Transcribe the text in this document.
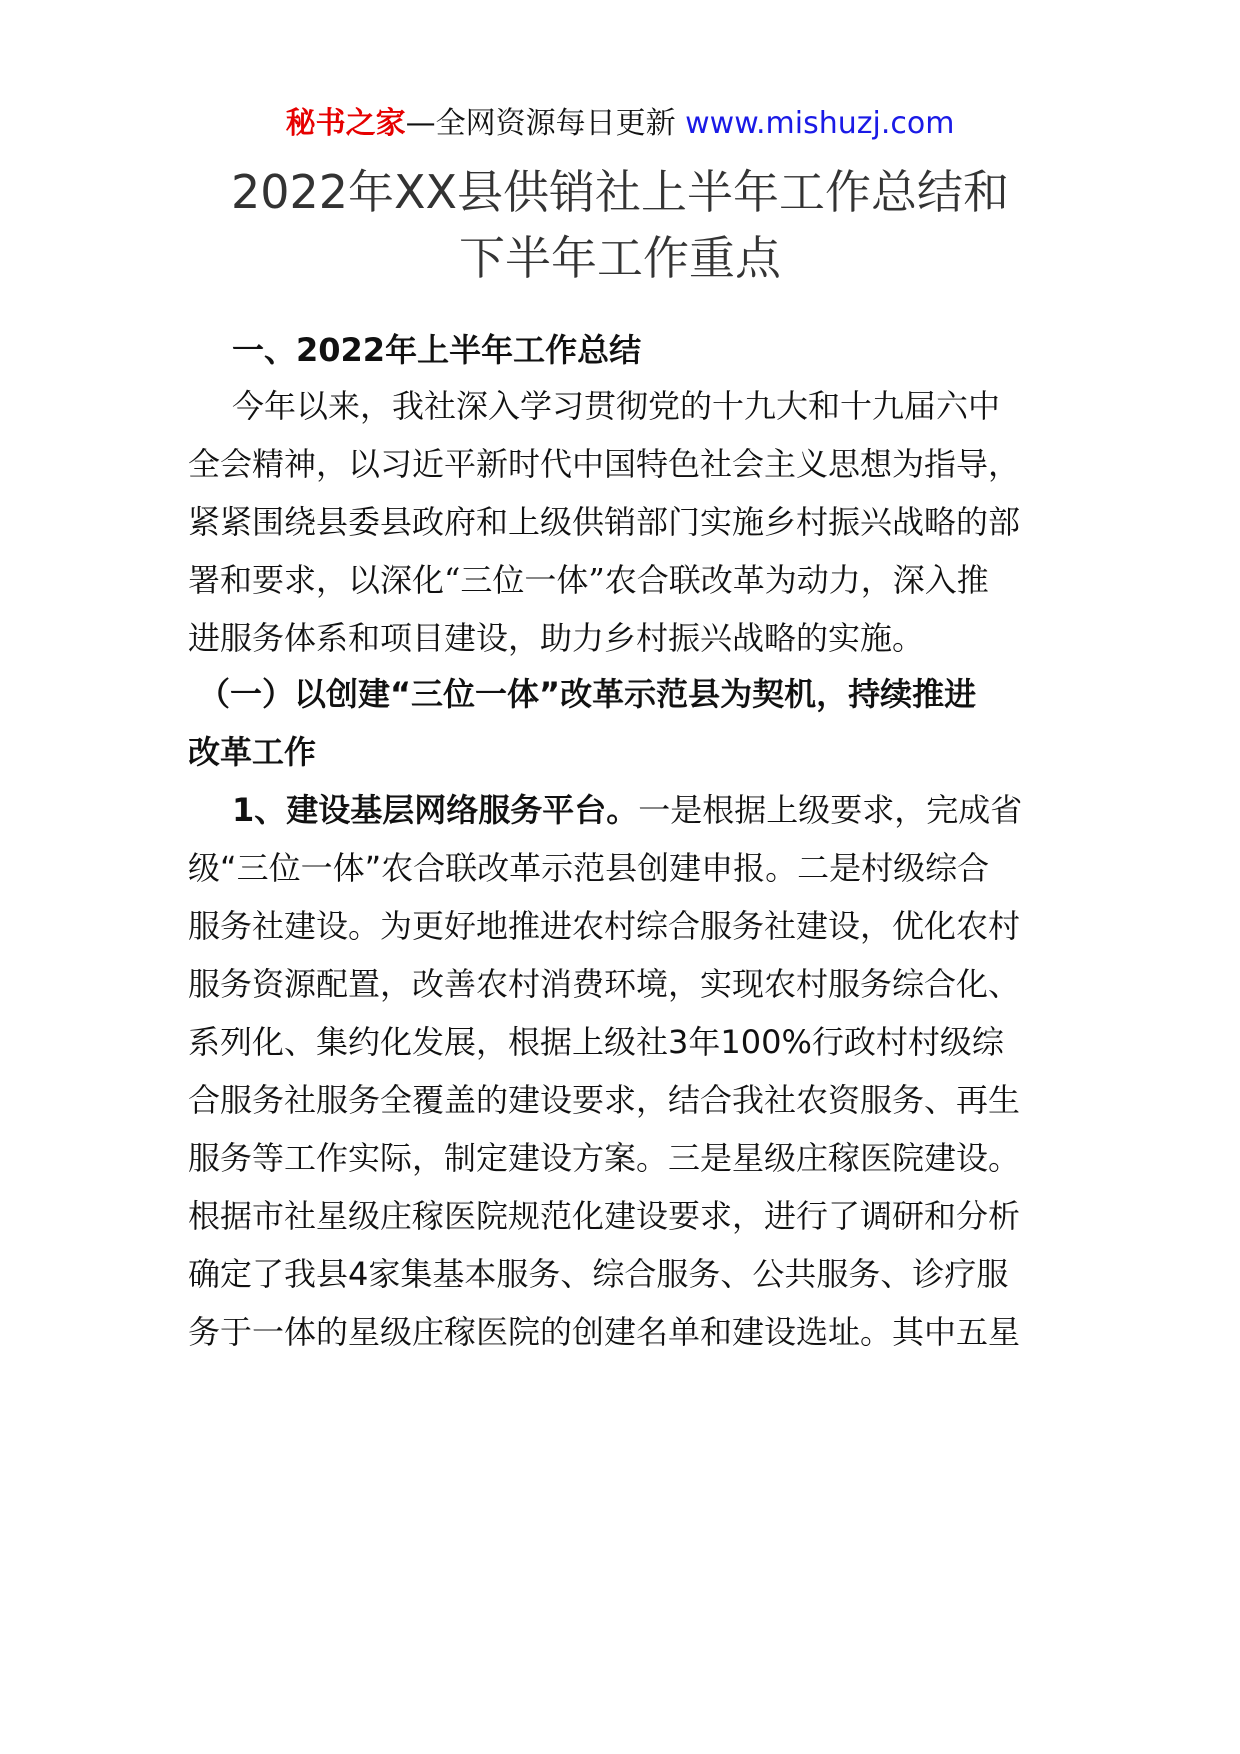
秘书之家—全网资源每日更新 www.mishuzj.com
2022年XX县供销社上半年工作总结和
下半年工作重点
一、2022年上半年工作总结
今年以来，我社深入学习贯彻党的十九大和十九届六中
全会精神，以习近平新时代中国特色社会主义思想为指导，
紧紧围绕县委县政府和上级供销部门实施乡村振兴战略的部
署和要求，以深化“三位一体”农合联改革为动力，深入推
进服务体系和项目建设，助力乡村振兴战略的实施。
（一）以创建“三位一体”改革示范县为契机，持续推进
改革工作
1、建设基层网络服务平台。一是根据上级要求，完成省
级“三位一体”农合联改革示范县创建申报。二是村级综合
服务社建设。为更好地推进农村综合服务社建设，优化农村
服务资源配置，改善农村消费环境，实现农村服务综合化、
系列化、集约化发展，根据上级社3年100%行政村村级综
合服务社服务全覆盖的建设要求，结合我社农资服务、再生
服务等工作实际，制定建设方案。三是星级庄稼医院建设。
根据市社星级庄稼医院规范化建设要求，进行了调研和分析
确定了我县4家集基本服务、综合服务、公共服务、诊疗服
务于一体的星级庄稼医院的创建名单和建设选址。其中五星
